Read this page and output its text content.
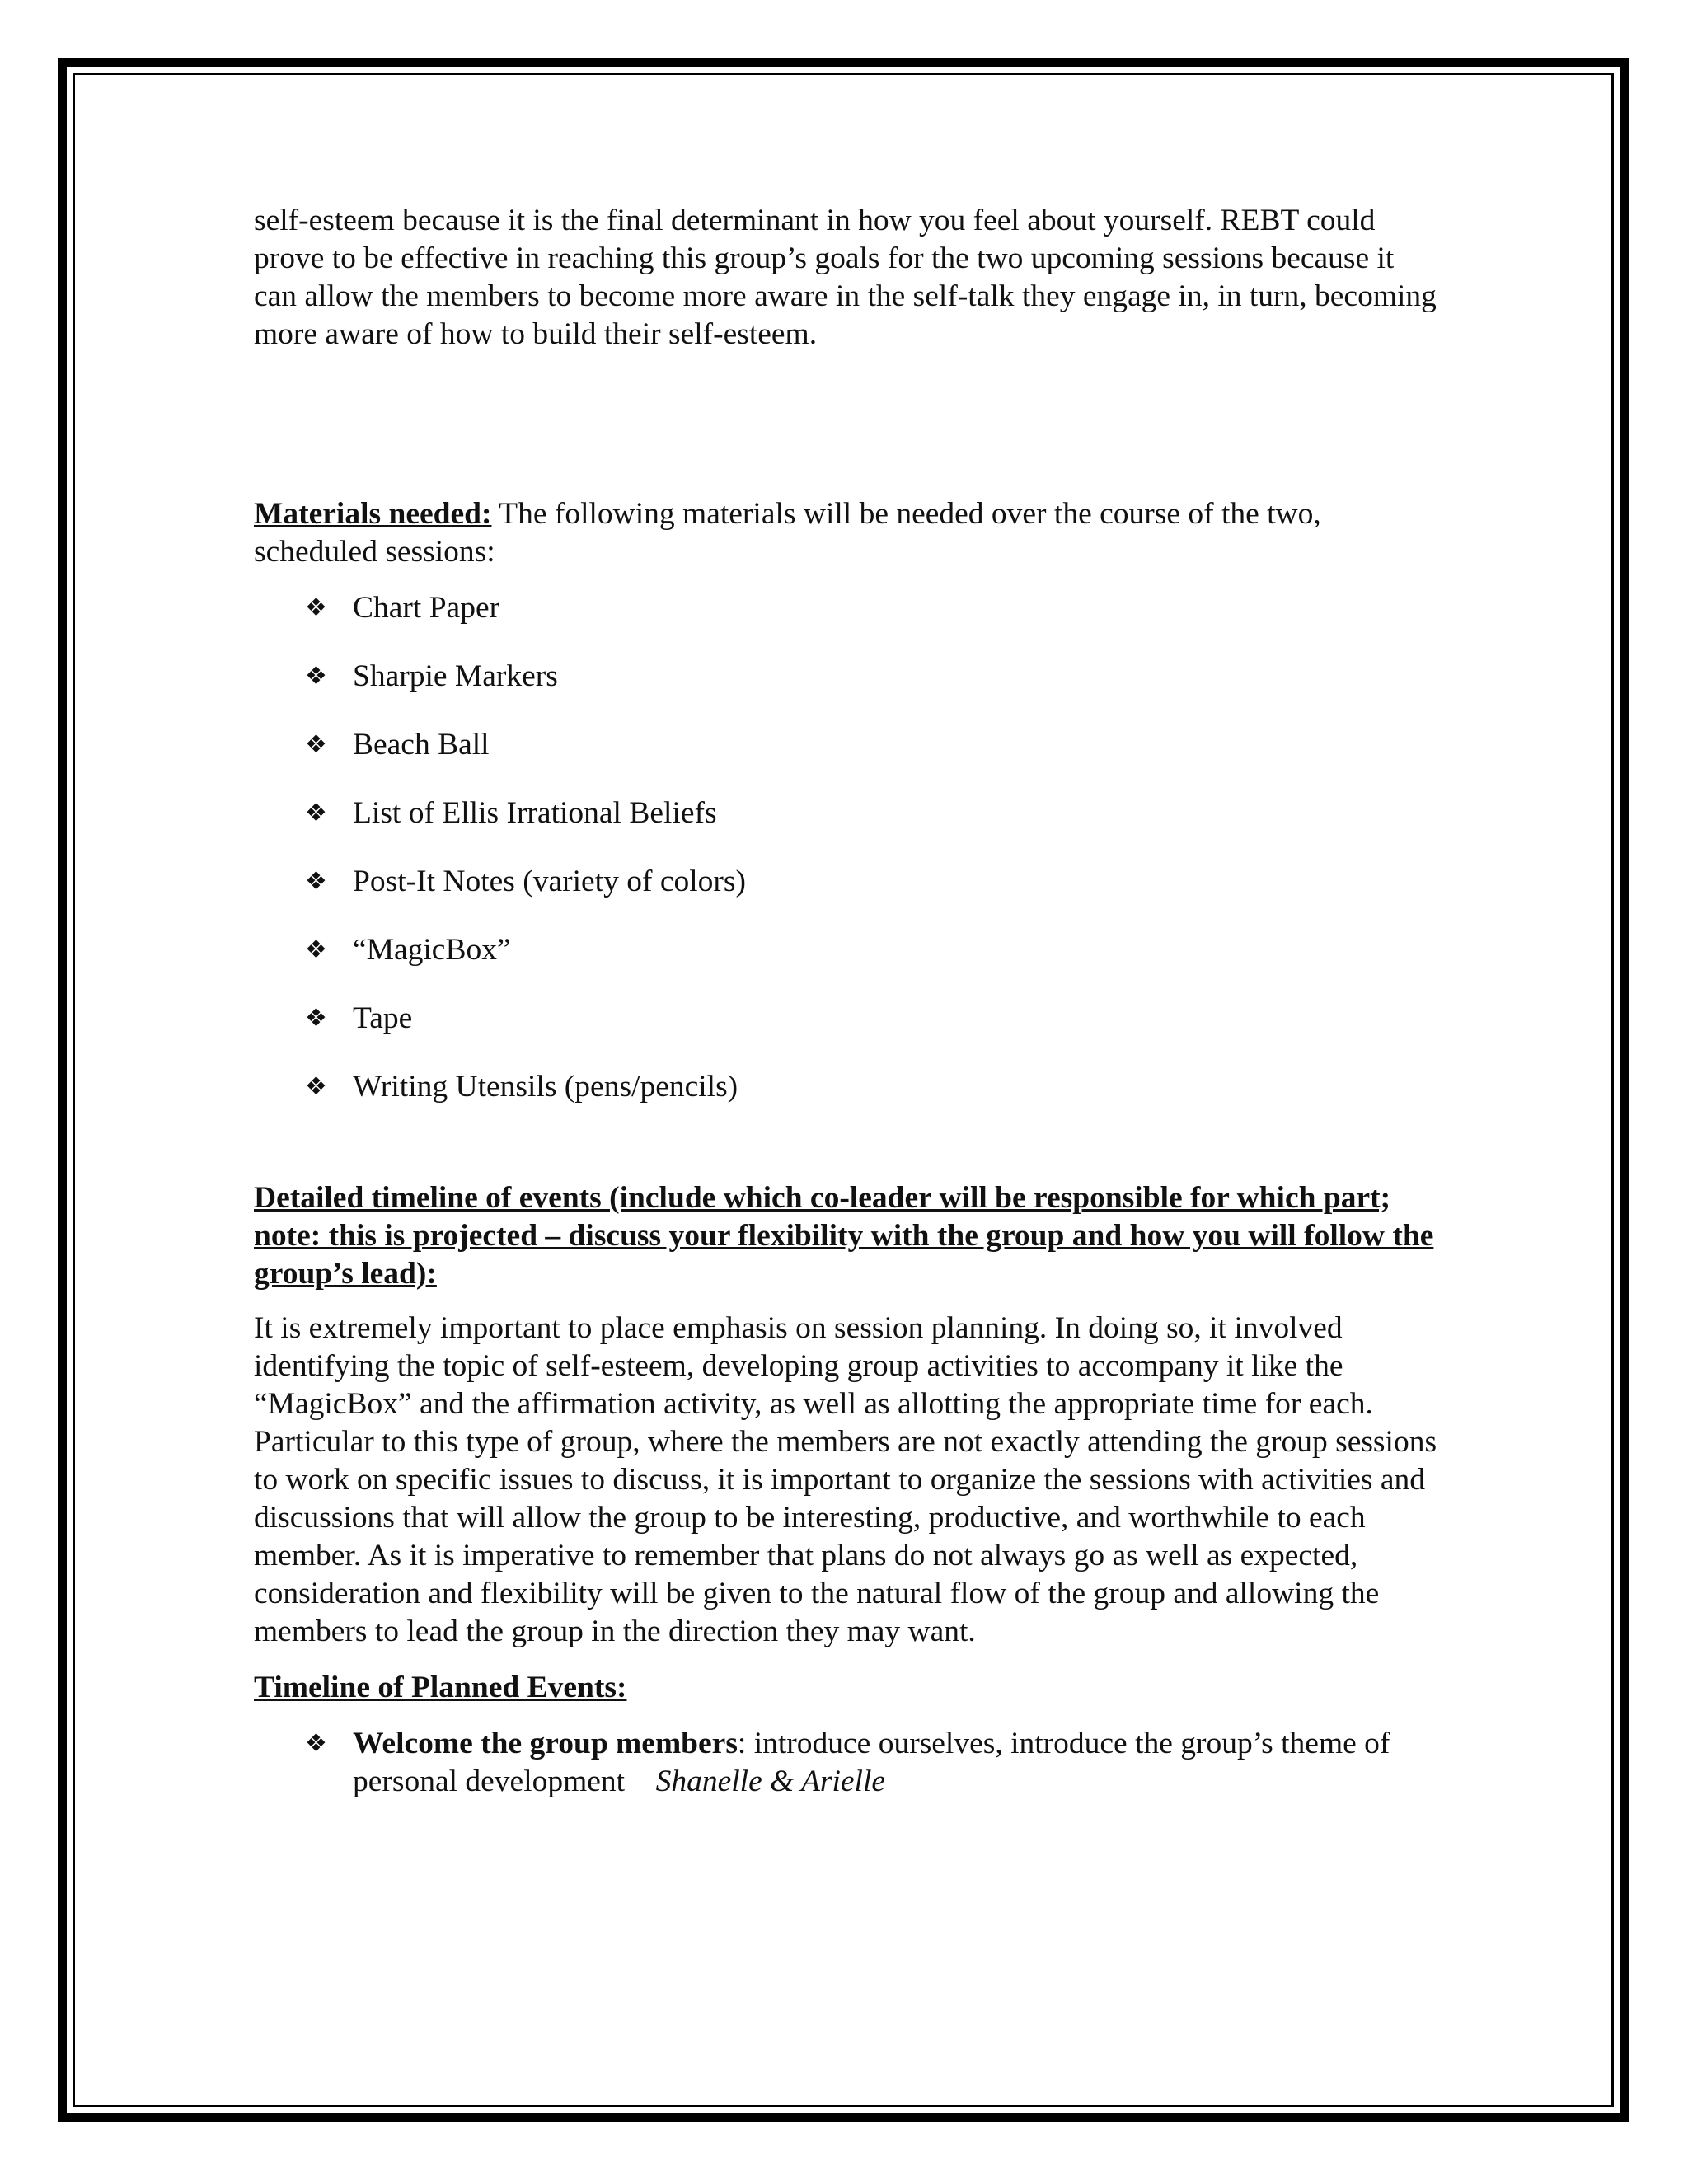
self-esteem because it is the final determinant in how you feel about yourself. REBT could prove to be effective in reaching this group’s goals for the two upcoming sessions because it can allow the members to become more aware in the self-talk they engage in, in turn, becoming more aware of how to build their self-esteem.

Materials needed: The following materials will be needed over the course of the two, scheduled sessions:

❖ Chart Paper
❖ Sharpie Markers
❖ Beach Ball
❖ List of Ellis Irrational Beliefs
❖ Post-It Notes (variety of colors)
❖ “MagicBox”
❖ Tape
❖ Writing Utensils (pens/pencils)

Detailed timeline of events (include which co-leader will be responsible for which part; note: this is projected – discuss your flexibility with the group and how you will follow the group’s lead):

It is extremely important to place emphasis on session planning. In doing so, it involved identifying the topic of self-esteem, developing group activities to accompany it like the “MagicBox” and the affirmation activity, as well as allotting the appropriate time for each. Particular to this type of group, where the members are not exactly attending the group sessions to work on specific issues to discuss, it is important to organize the sessions with activities and discussions that will allow the group to be interesting, productive, and worthwhile to each member. As it is imperative to remember that plans do not always go as well as expected, consideration and flexibility will be given to the natural flow of the group and allowing the members to lead the group in the direction they may want.

Timeline of Planned Events:

❖ Welcome the group members: introduce ourselves, introduce the group’s theme of personal development Shanelle & Arielle
